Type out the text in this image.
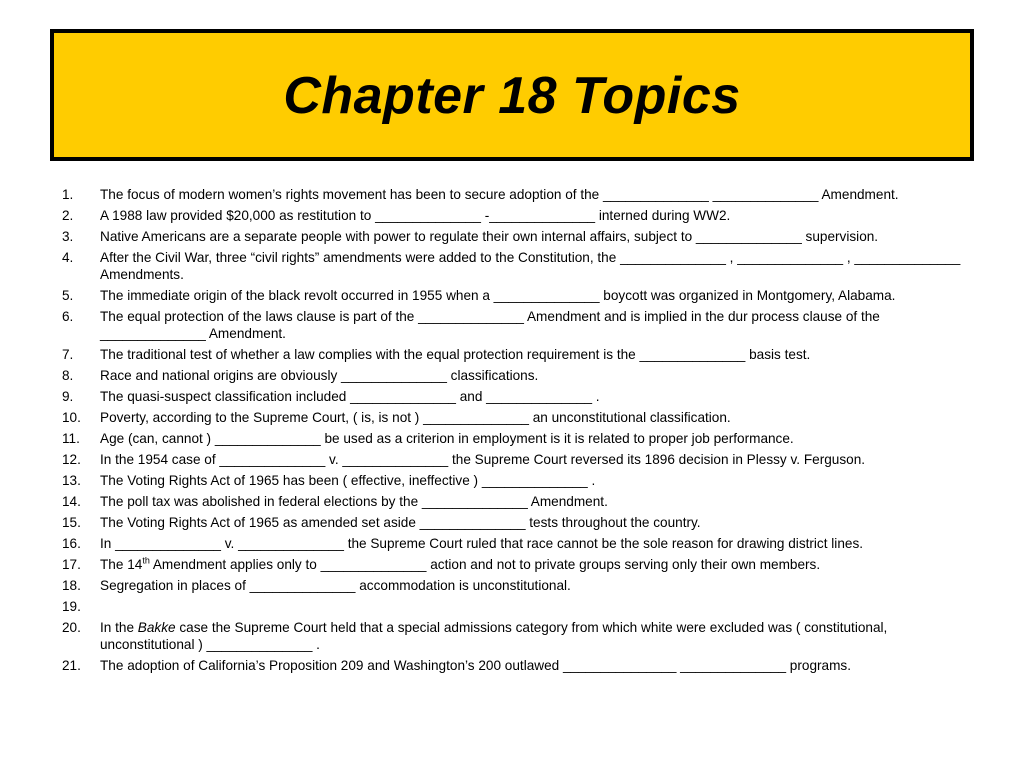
Chapter 18 Topics
1.	The focus of modern women’s rights movement has been to secure adoption of the ______________ ______________ Amendment.
2.	A 1988 law provided $20,000 as restitution to ______________ -______________ interned during WW2.
3.	Native Americans are a separate people with power to regulate their own internal affairs, subject to ______________ supervision.
4.	After the Civil War, three “civil rights” amendments were added to the Constitution, the ______________ , ______________ , ______________ Amendments.
5.	The immediate origin of the black revolt occurred in 1955 when a ______________ boycott was organized in Montgomery, Alabama.
6.	The equal protection of the laws clause is part of the ______________ Amendment and is implied in the dur process clause of the ______________ Amendment.
7.	The traditional test of whether a law complies with the equal protection requirement is the ______________ basis test.
8.	Race and national origins are obviously ______________ classifications.
9.	The quasi-suspect classification included ______________ and ______________ .
10.	Poverty, according to the Supreme Court, ( is, is not ) ______________ an unconstitutional classification.
11.	Age (can, cannot ) ______________ be used as a criterion in employment is it is related to proper job performance.
12.	In the 1954 case of ______________ v. ______________ the Supreme Court reversed its 1896 decision in Plessy v. Ferguson.
13.	The Voting Rights Act of 1965 has been ( effective, ineffective ) ______________ .
14.	The poll tax was abolished in federal elections by the ______________ Amendment.
15.	The Voting Rights Act of 1965 as amended set aside ______________ tests throughout the country.
16.	In ______________ v. ______________ the Supreme Court ruled that race cannot be the sole reason for drawing district lines.
17.	The 14th Amendment applies only to ______________ action and not to private groups serving only their own members.
18.	Segregation in places of ______________ accommodation is unconstitutional.
19.

20.	In the Bakke case the Supreme Court held that a special admissions category from which white were excluded was ( constitutional, unconstitutional ) ______________ .
21.	The adoption of California’s Proposition 209 and Washington’s 200 outlawed _______________ ______________ programs.
